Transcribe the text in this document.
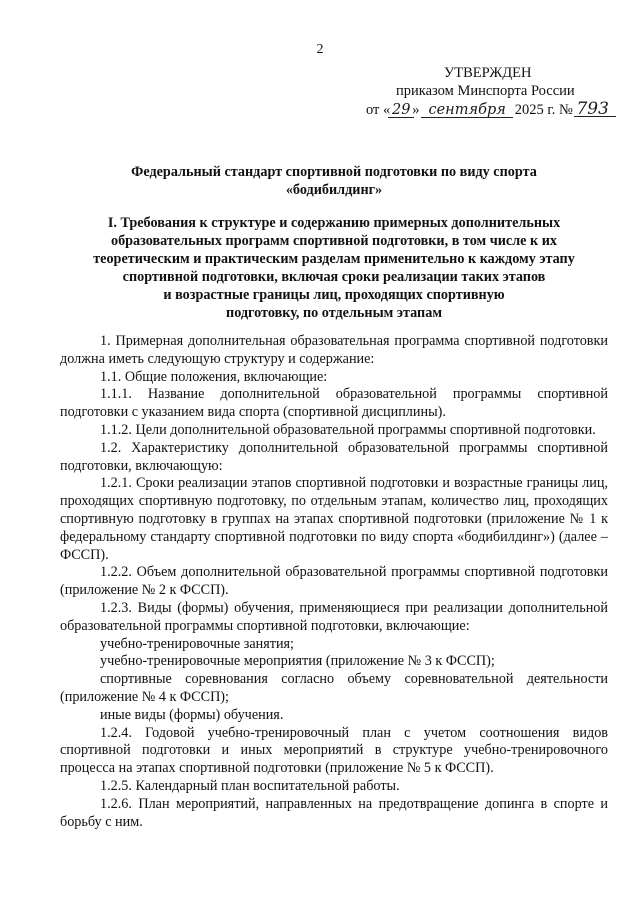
2
УТВЕРЖДЕН
приказом Минспорта России
от « 29 » сентября 2025 г. № 793
Федеральный стандарт спортивной подготовки по виду спорта
«бодибилдинг»
I. Требования к структуре и содержанию примерных дополнительных
образовательных программ спортивной подготовки, в том числе к их
теоретическим и практическим разделам применительно к каждому этапу
спортивной подготовки, включая сроки реализации таких этапов
и возрастные границы лиц, проходящих спортивную
подготовку, по отдельным этапам

1. Примерная дополнительная образовательная программа спортивной подготовки должна иметь следующую структуру и содержание:

1.1. Общие положения, включающие:

1.1.1. Название дополнительной образовательной программы спортивной подготовки с указанием вида спорта (спортивной дисциплины).

1.1.2. Цели дополнительной образовательной программы спортивной подготовки.

1.2. Характеристику дополнительной образовательной программы спортивной подготовки, включающую:

1.2.1. Сроки реализации этапов спортивной подготовки и возрастные границы лиц, проходящих спортивную подготовку, по отдельным этапам, количество лиц, проходящих спортивную подготовку в группах на этапах спортивной подготовки (приложение № 1 к федеральному стандарту спортивной подготовки по виду спорта «бодибилдинг») (далее – ФССП).

1.2.2. Объем дополнительной образовательной программы спортивной подготовки (приложение № 2 к ФССП).

1.2.3. Виды (формы) обучения, применяющиеся при реализации дополнительной образовательной программы спортивной подготовки, включающие:

учебно-тренировочные занятия;

учебно-тренировочные мероприятия (приложение № 3 к ФССП);

спортивные соревнования согласно объему соревновательной деятельности (приложение № 4 к ФССП);

иные виды (формы) обучения.

1.2.4. Годовой учебно-тренировочный план с учетом соотношения видов спортивной подготовки и иных мероприятий в структуре учебно-тренировочного процесса на этапах спортивной подготовки (приложение № 5 к ФССП).

1.2.5. Календарный план воспитательной работы.

1.2.6. План мероприятий, направленных на предотвращение допинга в спорте и борьбу с ним.
